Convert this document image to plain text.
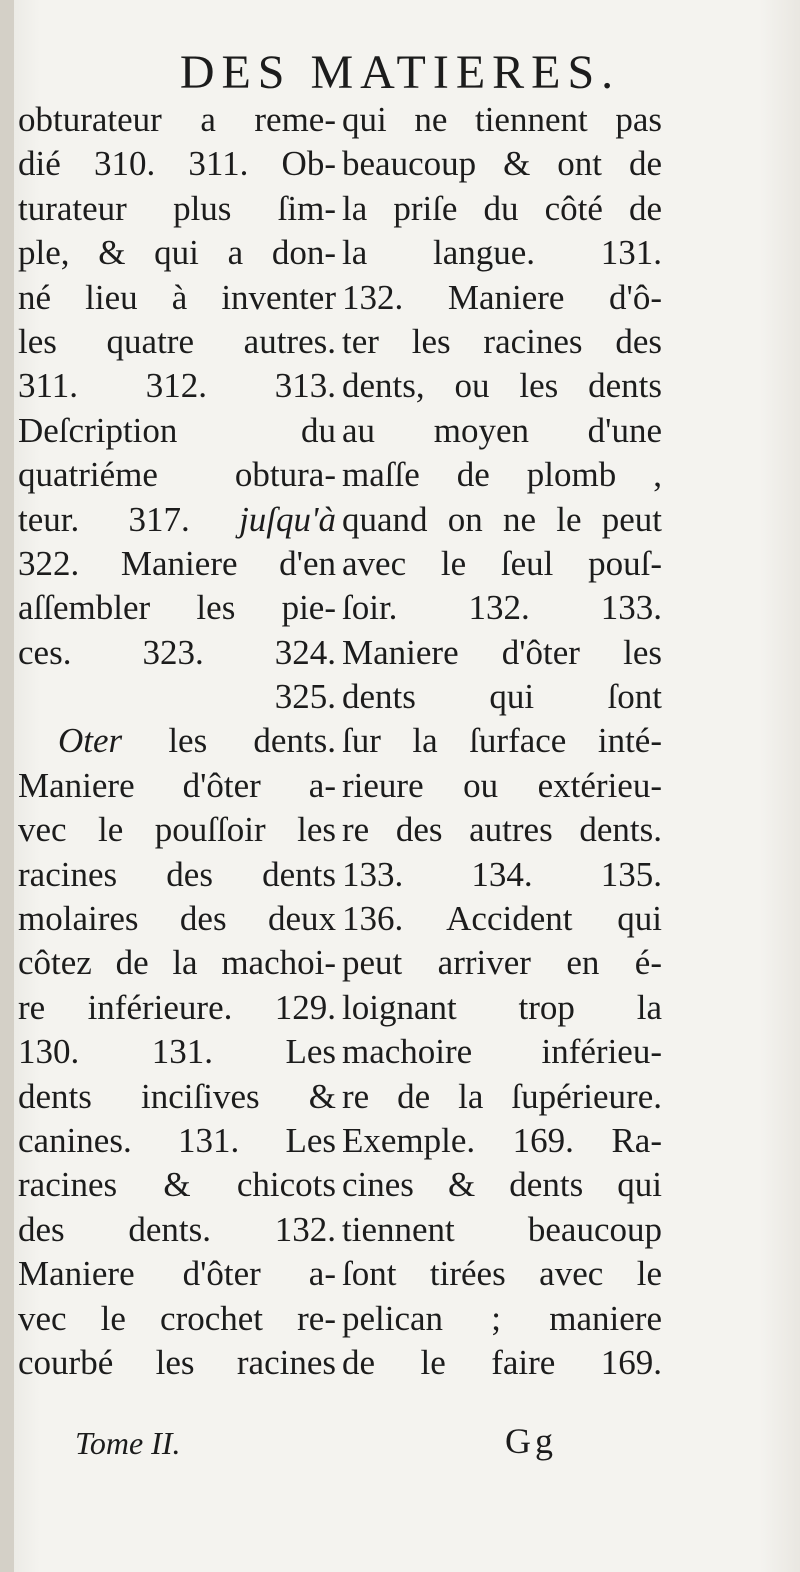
DES MATIERES.
obturateur a reme-
dié 310. 311. Ob-
turateur plus ſim-
ple, & qui a don-
né lieu à inventer
les quatre autres.
311. 312. 313.
Deſcription du
quatriéme obtura-
teur. 317. juſqu'à
322. Maniere d'en
aſſembler les pie-
ces. 323. 324.
325.
Oter les dents.
Maniere d'ôter a-
vec le pouſſoir les
racines des dents
molaires des deux
côtez de la machoi-
re inférieure. 129.
130. 131. Les
dents inciſives &
canines. 131. Les
racines & chicots
des dents. 132.
Maniere d'ôter a-
vec le crochet re-
courbé les racines
qui ne tiennent pas
beaucoup & ont de
la priſe du côté de
la langue. 131.
132. Maniere d'ô-
ter les racines des
dents, ou les dents
au moyen d'une
maſſe de plomb ,
quand on ne le peut
avec le ſeul pouſ-
ſoir. 132. 133.
Maniere d'ôter les
dents qui ſont
ſur la ſurface inté-
rieure ou extérieu-
re des autres dents.
133. 134. 135.
136. Accident qui
peut arriver en é-
loignant trop la
machoire inférieu-
re de la ſupérieure.
Exemple. 169. Ra-
cines & dents qui
tiennent beaucoup
ſont tirées avec le
pelican ; maniere
de le faire 169.
Tome II.	Gg
